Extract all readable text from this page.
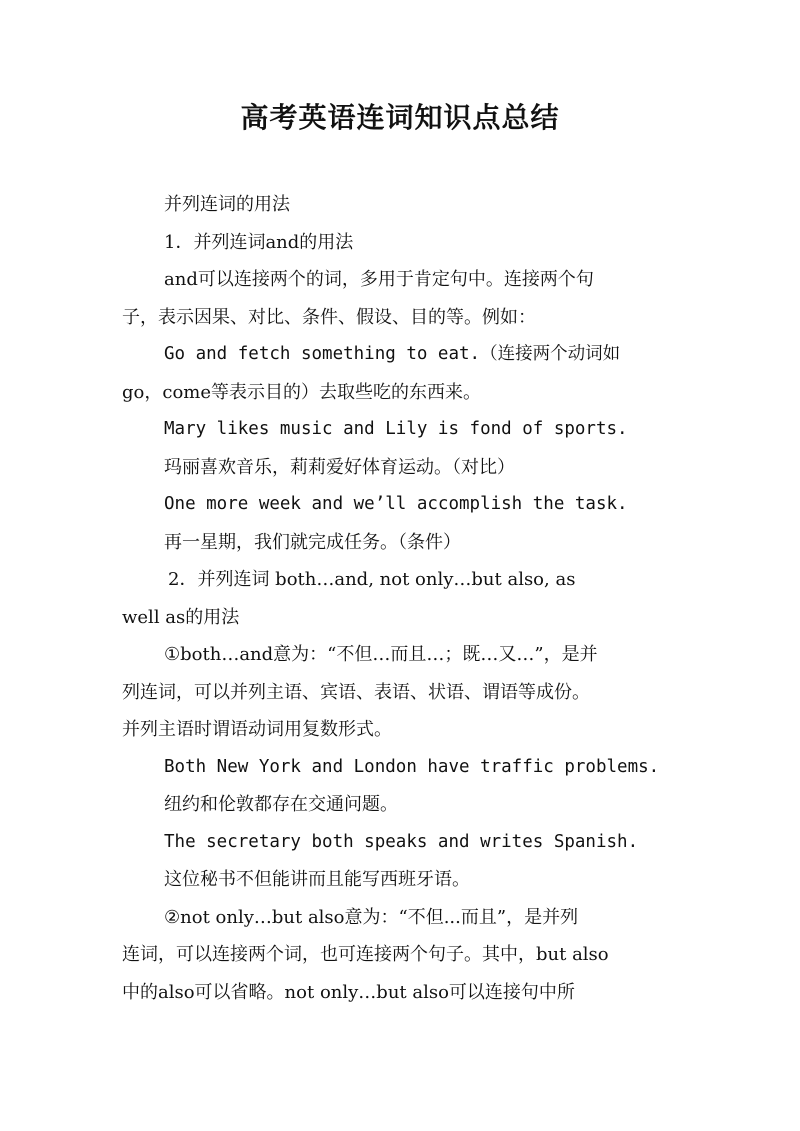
高考英语连词知识点总结
并列连词的用法
1．并列连词and的用法
and可以连接两个的词，多用于肯定句中。连接两个句
子，表示因果、对比、条件、假设、目的等。例如：
Go and fetch something to eat.（连接两个动词如
go，come等表示目的）去取些吃的东西来。
Mary likes music and Lily is fond of sports.
玛丽喜欢音乐，莉莉爱好体育运动。（对比）
One more week and we’ll accomplish the task.
再一星期，我们就完成任务。（条件）
2．并列连词 both…and, not only…but also, as
well as的用法
①both…and意为：“不但…而且…；既…又…”，是并
列连词，可以并列主语、宾语、表语、状语、谓语等成份。
并列主语时谓语动词用复数形式。
Both New York and London have traffic problems.
纽约和伦敦都存在交通问题。
The secretary both speaks and writes Spanish.
这位秘书不但能讲而且能写西班牙语。
②not only…but also意为：“不但...而且”，是并列
连词，可以连接两个词，也可连接两个句子。其中，but also
中的also可以省略。not only…but also可以连接句中所
